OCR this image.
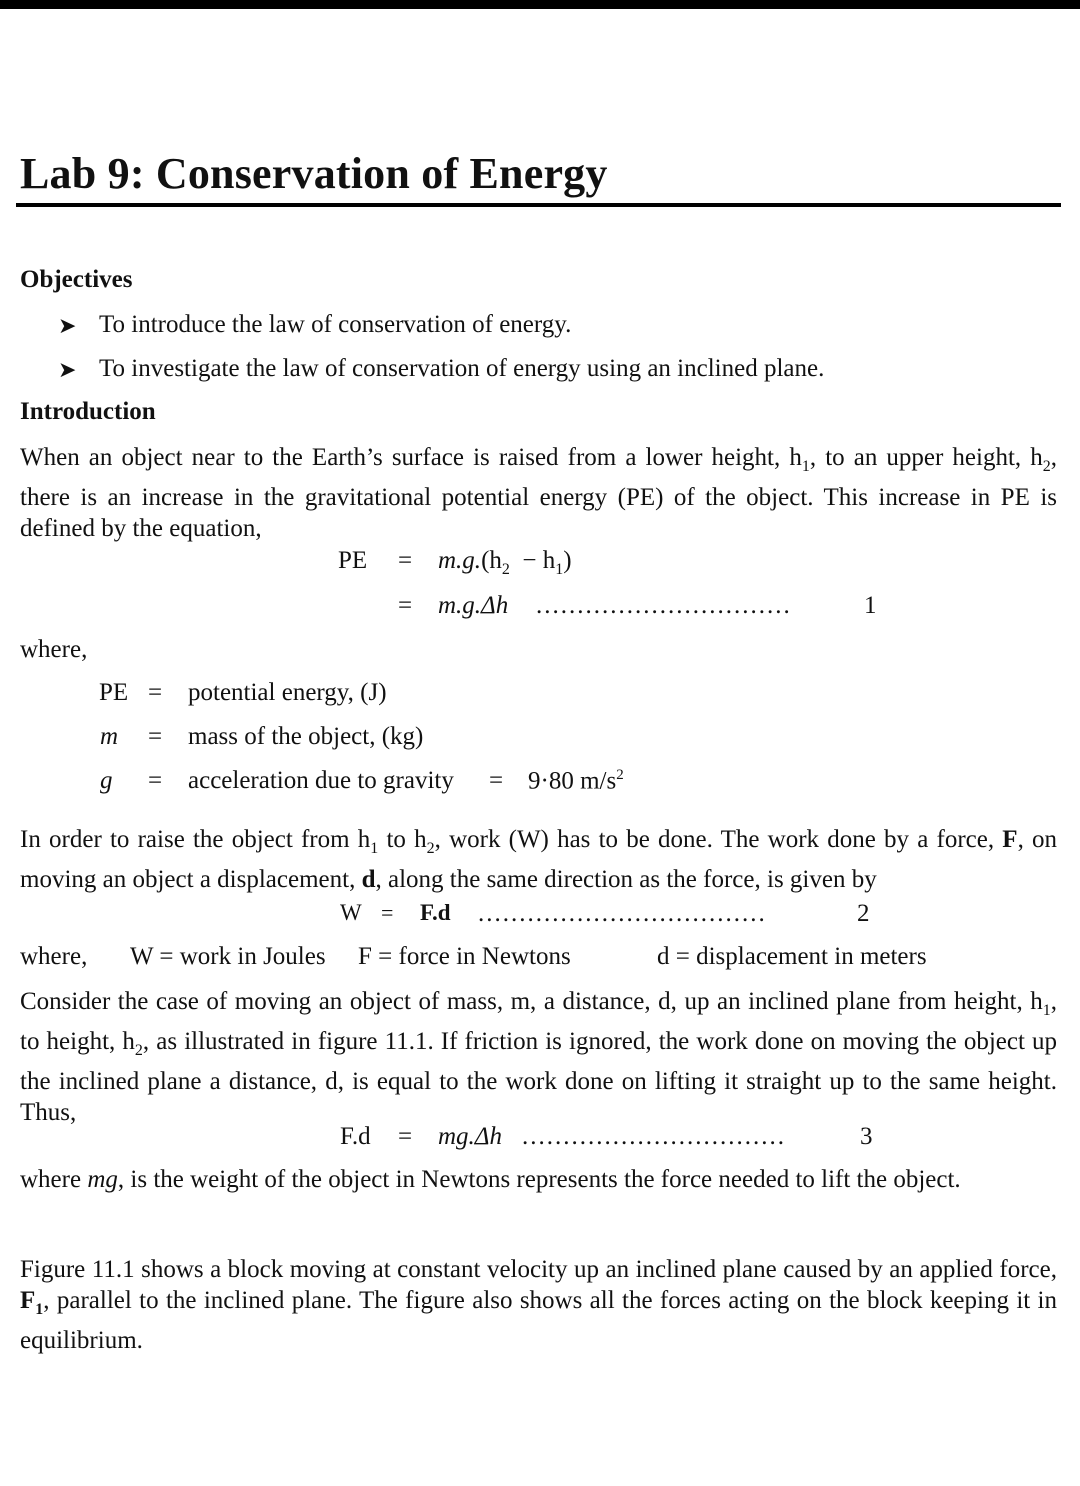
Lab 9: Conservation of Energy
Objectives
➤ To introduce the law of conservation of energy.
➤ To investigate the law of conservation of energy using an inclined plane.
Introduction
When an object near to the Earth’s surface is raised from a lower height, $h_1$, to an upper height, $h_2$, there is an increase in the gravitational potential energy (PE) of the object. This increase in PE is defined by the equation,
PE = $m.g.(h_2 - h_1)$
= m.g.Δh ...............................	1
where,
PE = potential energy, (J)
m = mass of the object, (kg)
g = acceleration due to gravity = 9·80 $m/s^2$
In order to raise the object from $h_1$ to $h_2$, work (W) has to be done. The work done by a force, F, on moving an object a displacement, d, along the same direction as the force, is given by
W = F.d ...................................	2
where, W = work in Joules F = force in Newtons	d = displacement in meters
Consider the case of moving an object of mass, m, a distance, d, up an inclined plane from height, $h_1$, to height, $h_2$, as illustrated in figure 11.1. If friction is ignored, the work done on moving the object up the inclined plane a distance, d, is equal to the work done on lifting it straight up to the same height. Thus,
F.d = mg.Δh ................................	3
where mg, is the weight of the object in Newtons represents the force needed to lift the object.
Figure 11.1 shows a block moving at constant velocity up an inclined plane caused by an applied force, $F_1$, parallel to the inclined plane. The figure also shows all the forces acting on the block keeping it in equilibrium.
